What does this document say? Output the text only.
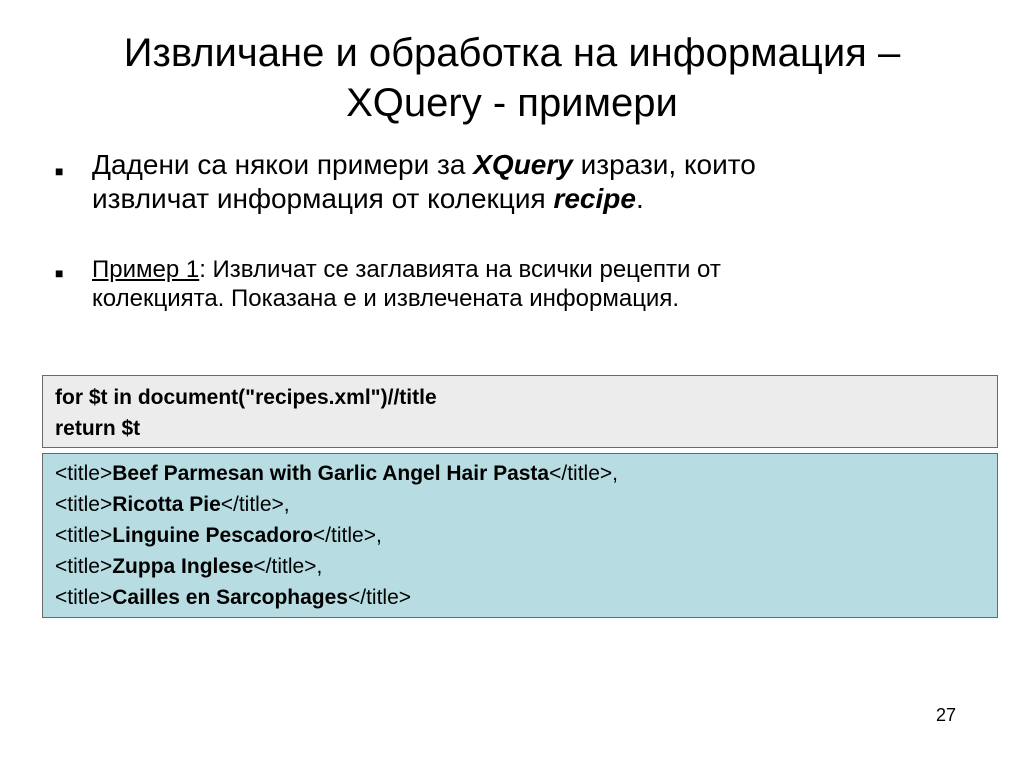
Извличане и обработка на информация –
XQuery - примери
■ Дадени са някои примери за XQuery изрази, които
извличат информация от колекция recipe.
■ Пример 1: Извличат се заглавията на всички рецепти от
колекцията. Показана е и извлечената информация.
for $t in document("recipes.xml")//title
return $t
<title>Beef Parmesan with Garlic Angel Hair Pasta</title>,
<title>Ricotta Pie</title>,
<title>Linguine Pescadoro</title>,
<title>Zuppa Inglese</title>,
<title>Cailles en Sarcophages</title>
27
